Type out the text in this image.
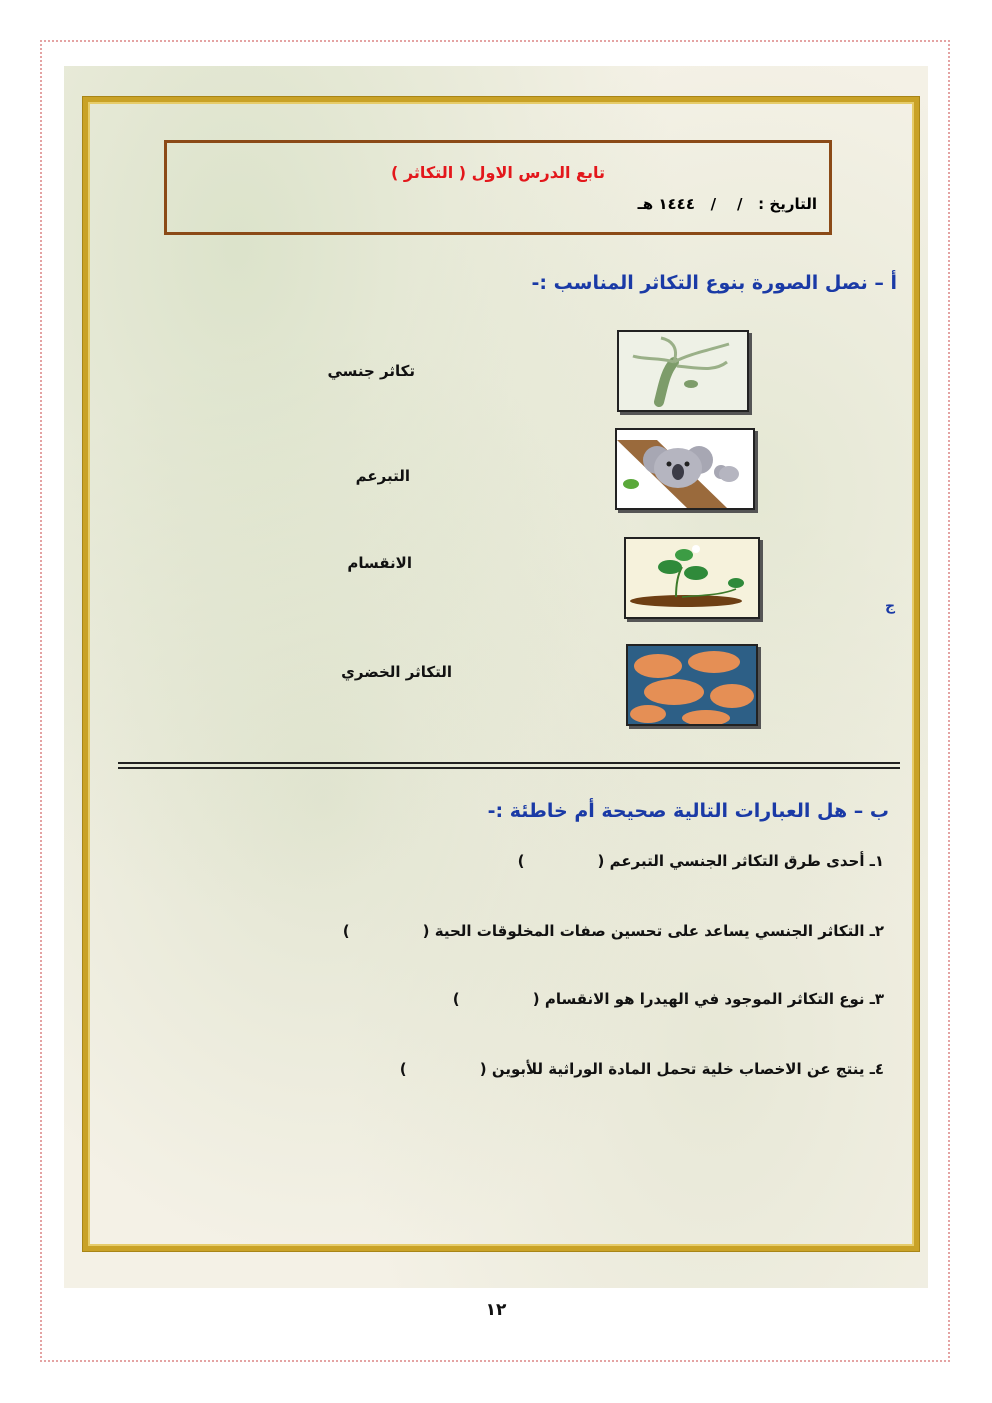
تابع الدرس الاول ( التكاثر )
التاريخ :   /    /   ١٤٤٤ هـ
أ – نصل الصورة بنوع التكاثر المناسب :-
تكاثر جنسي
التبرعم
الانقسام
التكاثر الخضري
ج
ب – هل العبارات التالية صحيحة أم خاطئة :-
١ـ أحدى طرق التكاثر الجنسي التبرعم (              )
٢ـ التكاثر الجنسي يساعد على تحسين صفات المخلوقات الحية (              )
٣ـ نوع التكاثر الموجود في الهيدرا هو الانقسام (              )
٤ـ ينتج عن الاخصاب خلية تحمل المادة الوراثية للأبوين (              )
١٢
